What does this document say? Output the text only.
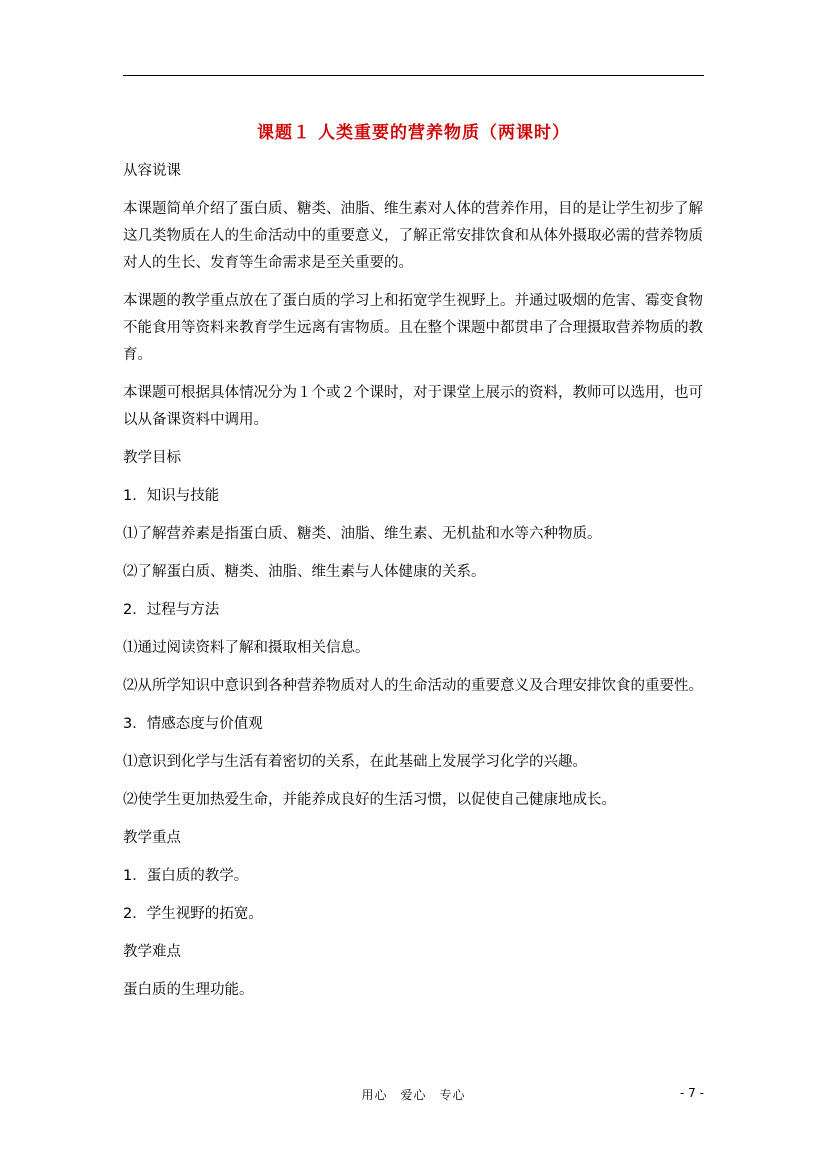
课题１ 人类重要的营养物质（两课时）

从容说课

本课题简单介绍了蛋白质、糖类、油脂、维生素对人体的营养作用，目的是让学生初步了解这几类物质在人的生命活动中的重要意义，了解正常安排饮食和从体外摄取必需的营养物质对人的生长、发育等生命需求是至关重要的。

本课题的教学重点放在了蛋白质的学习上和拓宽学生视野上。并通过吸烟的危害、霉变食物不能食用等资料来教育学生远离有害物质。且在整个课题中都贯串了合理摄取营养物质的教育。

本课题可根据具体情况分为１个或２个课时，对于课堂上展示的资料，教师可以选用，也可以从备课资料中调用。

教学目标

1．知识与技能

⑴了解营养素是指蛋白质、糖类、油脂、维生素、无机盐和水等六种物质。

⑵了解蛋白质、糖类、油脂、维生素与人体健康的关系。

2．过程与方法

⑴通过阅读资料了解和摄取相关信息。

⑵从所学知识中意识到各种营养物质对人的生命活动的重要意义及合理安排饮食的重要性。

3．情感态度与价值观

⑴意识到化学与生活有着密切的关系，在此基础上发展学习化学的兴趣。

⑵使学生更加热爱生命，并能养成良好的生活习惯，以促使自己健康地成长。

教学重点

1．蛋白质的教学。

2．学生视野的拓宽。

教学难点

蛋白质的生理功能。

用心　爱心　专心	- 7 -
